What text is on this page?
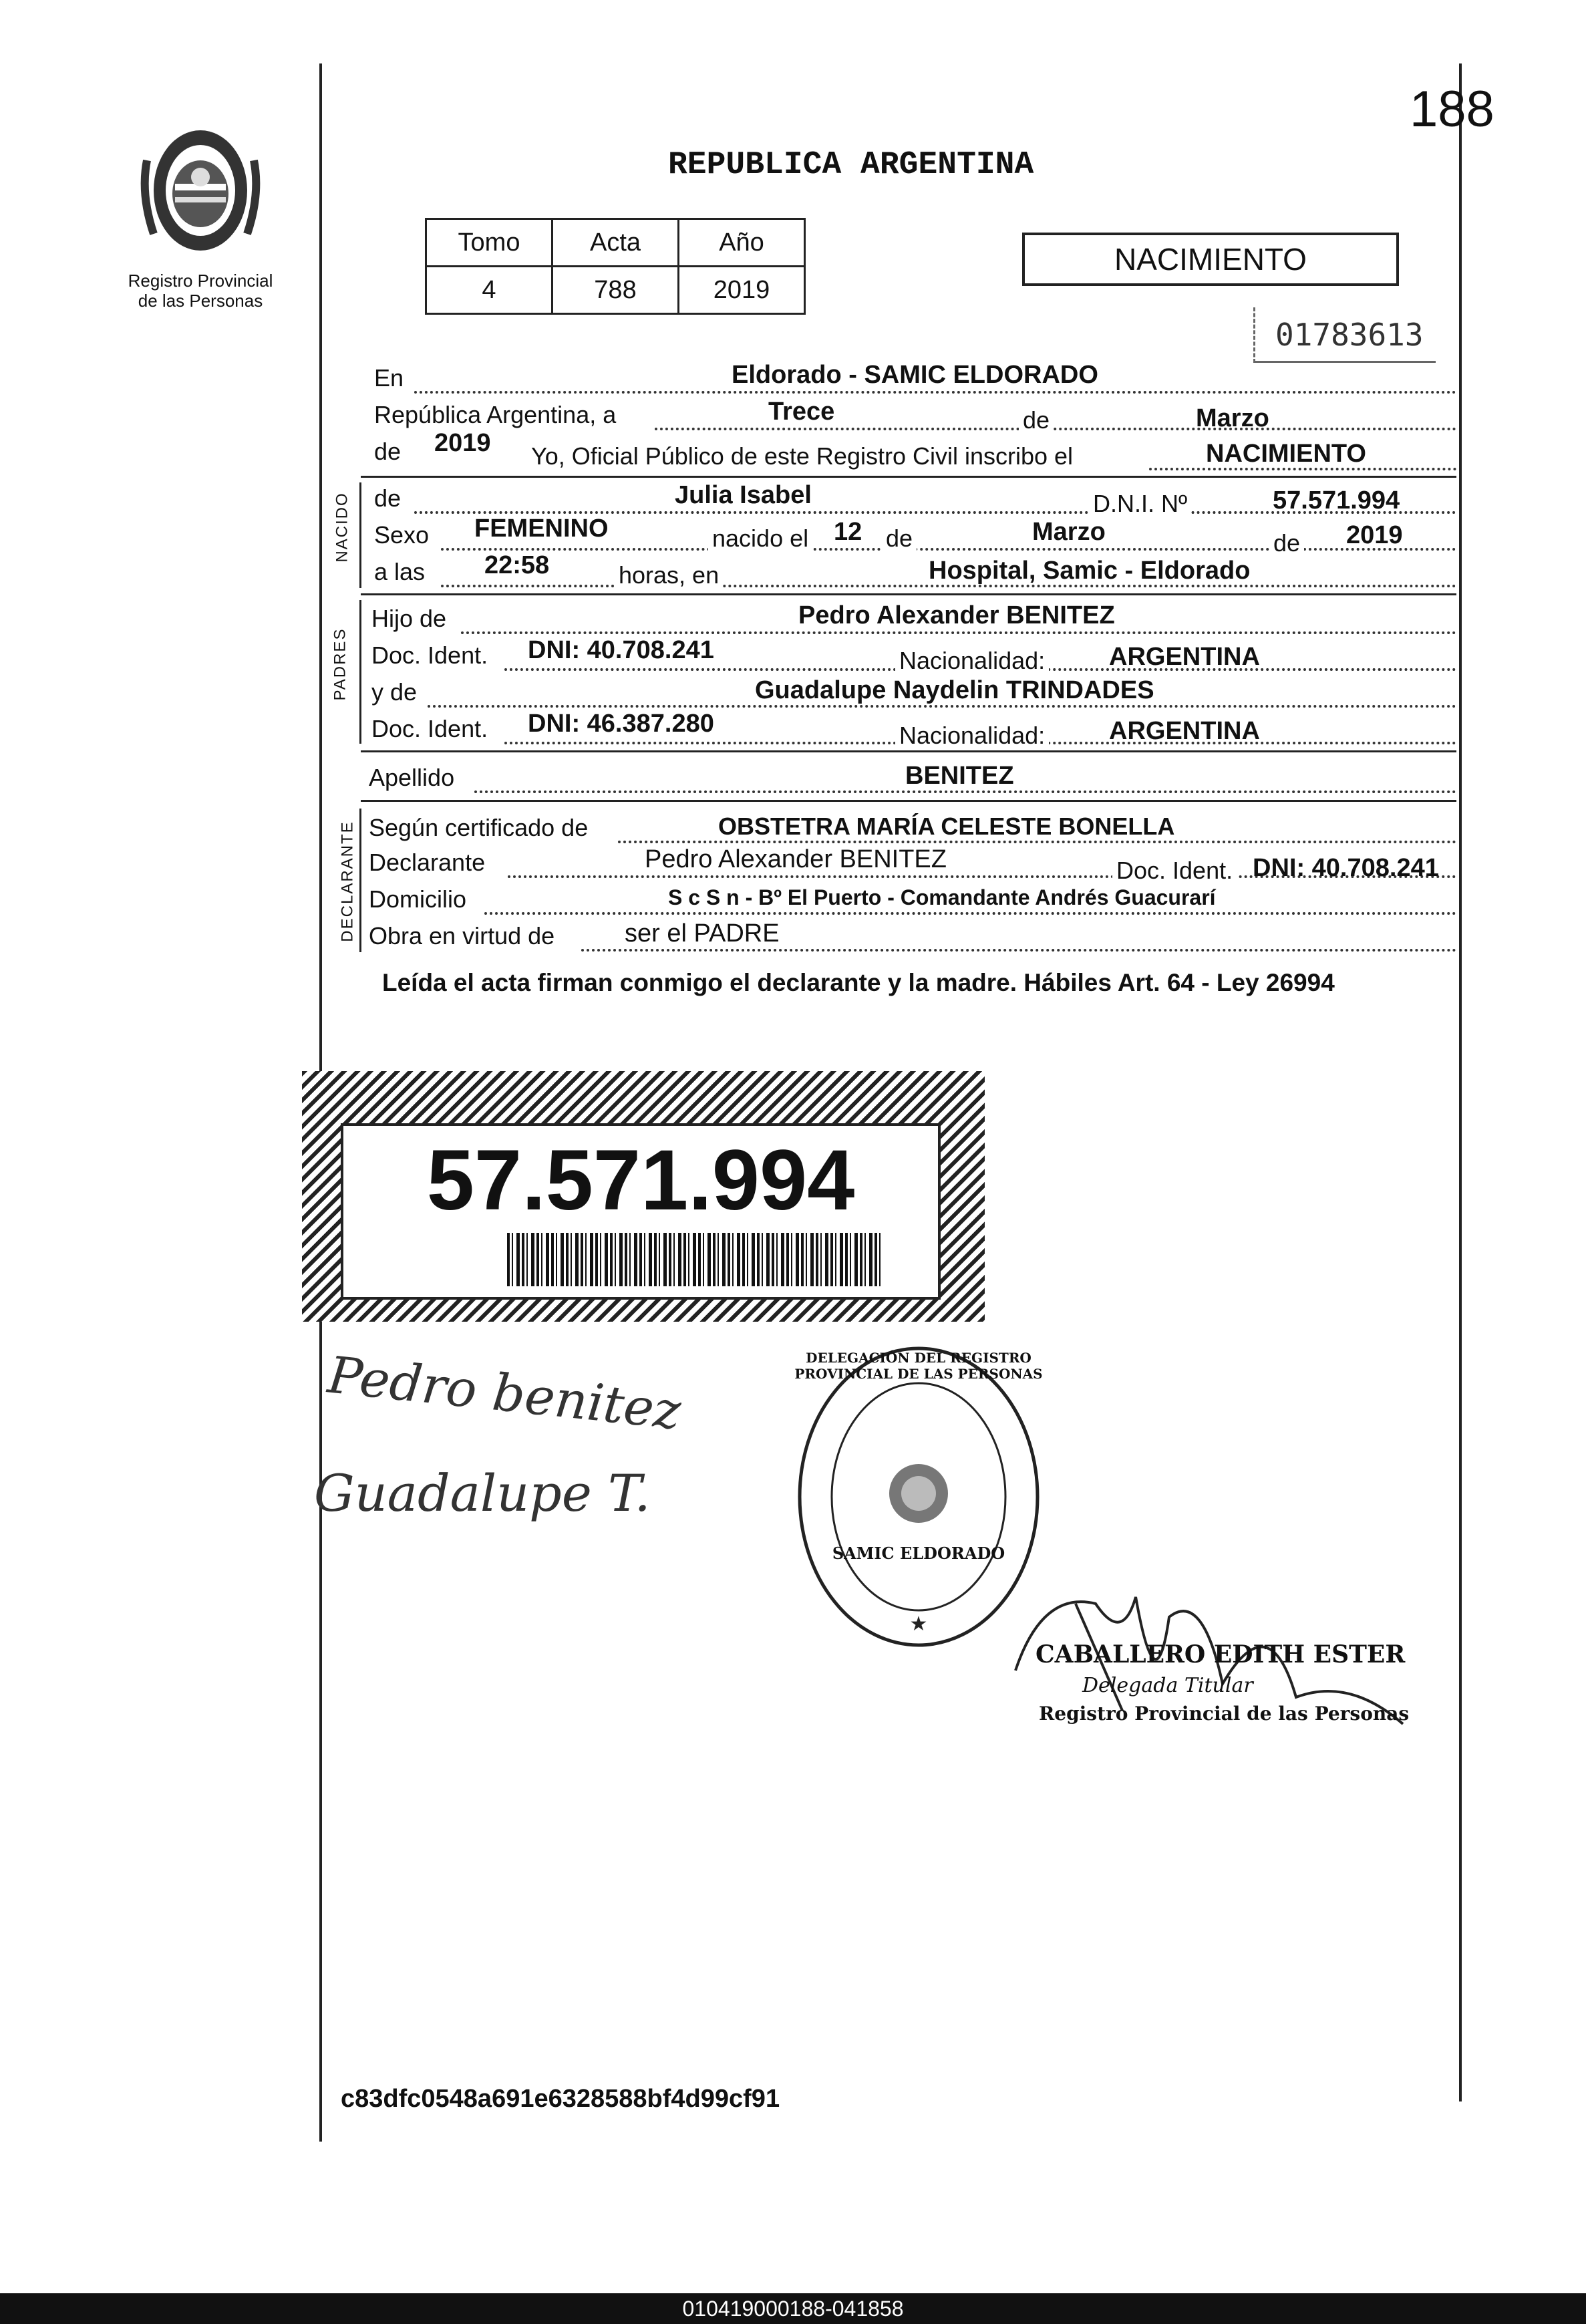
188
Registro Provincial
de las Personas
REPUBLICA ARGENTINA
Tomo	Acta	Año
4	788	2019
NACIMIENTO
01783613
En	Eldorado - SAMIC ELDORADO
República Argentina, a	Trece	de	Marzo
de 2019 Yo, Oficial Público de este Registro Civil inscribo el	NACIMIENTO
NACIDO de	Julia Isabel	D.N.I. Nº	57.571.994
Sexo FEMENINO	nacido el 12 de	Marzo	de 2019
a las 22:58	horas, en	Hospital, Samic - Eldorado
PADRES
Hijo de	Pedro Alexander BENITEZ
Doc. Ident. DNI: 40.708.241	Nacionalidad:	ARGENTINA
y de	Guadalupe Naydelin TRINDADES
Doc. Ident. DNI: 46.387.280	Nacionalidad:	ARGENTINA
Apellido	BENITEZ
DECLARANTE Según certificado de	OBSTETRA MARÍA CELESTE BONELLA
Declarante	Pedro Alexander BENITEZ	Doc. Ident. DNI: 40.708.241
Domicilio	S c S n - Bº El Puerto - Comandante Andrés Guacurarí
Obra en virtud de	ser el PADRE
Leída el acta firman conmigo el declarante y la madre. Hábiles Art. 64 - Ley 26994
57.571.994
Pedro benitez
Guadalupe T.
★
DELEGACIÓN DEL REGISTRO PROVINCIAL DE LAS PERSONAS
SAMIC ELDORADO
CABALLERO EDITH ESTER
Delegada Titular
Registro Provincial de las Personas
c83dfc0548a691e6328588bf4d99cf91
010419000188-041858
